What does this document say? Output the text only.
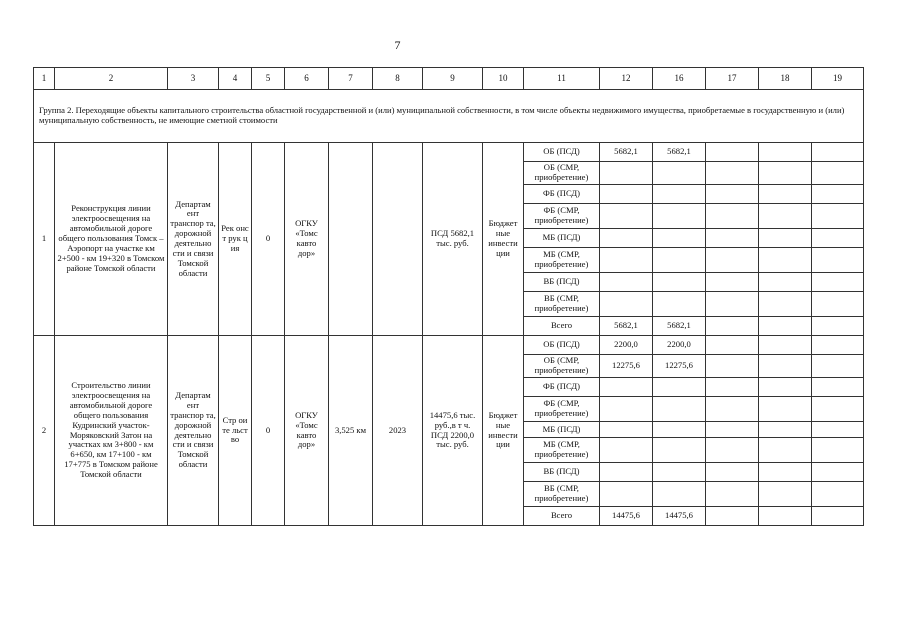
7
1	2	3	4	5	6	7	8	9	10	11	12	16	17	18	19
Группа 2. Переходящие объекты капитального строительства областной государственной и (или) муниципальной собственности, в том числе объекты недвижимого имущества, приобретаемые в государственную и (или) муниципальную собственность, не имеющие сметной стоимости															
1	Реконструкция линии электроосвещения на автомобильной дороге общего пользования Томск – Аэропорт на участке км 2+500 - км 19+320 в Томском районе Томской области	Департам ент транспор та, дорожной деятельно сти и связи Томской области	Рек онст рук ция	0	ОГКУ «Томс кавто дор»			ПСД 5682,1 тыс. руб.	Бюджет ные инвести ции	ОБ (ПСД)	5682,1	5682,1			
										ОБ (СМР, приобретение)					
										ФБ (ПСД)					
										ФБ (СМР, приобретение)					
										МБ (ПСД)					
										МБ (СМР, приобретение)					
										ВБ (ПСД)					
										ВБ (СМР, приобретение)					
										Всего	5682,1	5682,1			
2	Строительство линии электроосвещения на автомобильной дороге общего пользования Кудринский участок-Моряковский Затон на участках км 3+800 - км 6+650, км 17+100 - км 17+775 в Томском районе Томской области	Департам ент транспор та, дорожной деятельно сти и связи Томской области	Стр оите льст во	0	ОГКУ «Томс кавто дор»	3,525 км	2023	14475,6 тыс. руб.,в т ч. ПСД 2200,0 тыс. руб.	Бюджет ные инвести ции	ОБ (ПСД)	2200,0	2200,0			
										ОБ (СМР, приобретение)	12275,6	12275,6			
										ФБ (ПСД)					
										ФБ (СМР, приобретение)					
										МБ (ПСД)					
										МБ (СМР, приобретение)					
										ВБ (ПСД)					
										ВБ (СМР, приобретение)					
										Всего	14475,6	14475,6			
